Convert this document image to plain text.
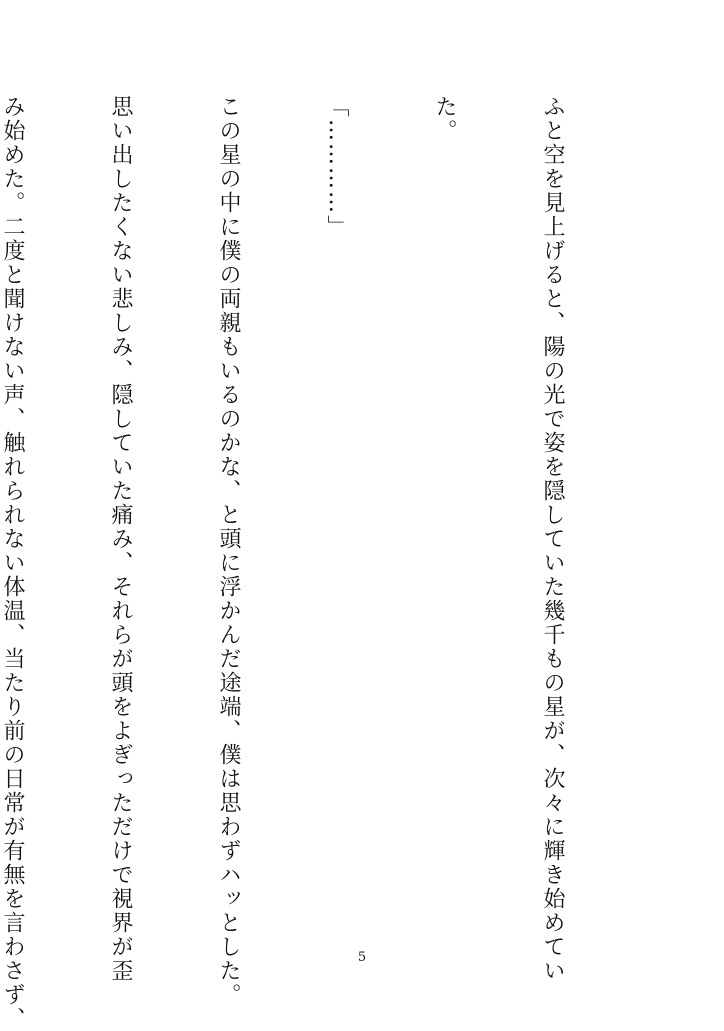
ふと空を見上げると、陽の光で姿を隠していた幾千もの星が、次々に輝き始めてい

た。

「…………」

この星の中に僕の両親もいるのかな、と頭に浮かんだ途端、僕は思わずハッとした。

思い出したくない悲しみ、隠していた痛み、それらが頭をよぎっただけで視界が歪

み始めた。二度と聞けない声、触れられない体温、当たり前の日常が有無を言わさず、

	5
